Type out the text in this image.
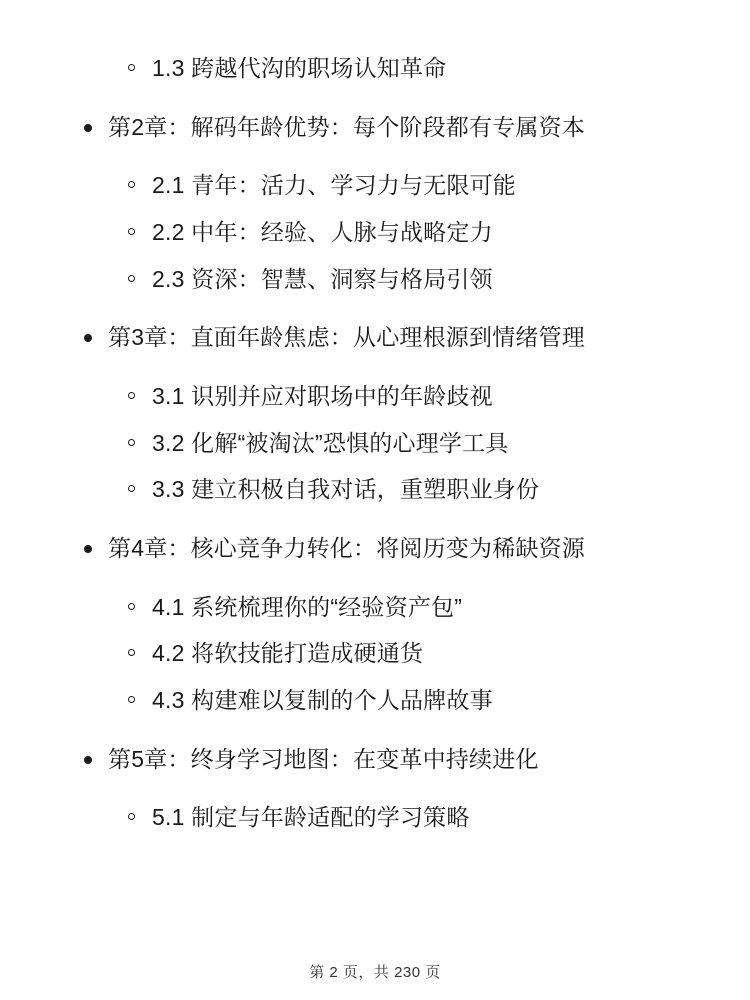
1.3 跨越代沟的职场认知革命
第2章：解码年龄优势：每个阶段都有专属资本
2.1 青年：活力、学习力与无限可能
2.2 中年：经验、人脉与战略定力
2.3 资深：智慧、洞察与格局引领
第3章：直面年龄焦虑：从心理根源到情绪管理
3.1 识别并应对职场中的年龄歧视
3.2 化解“被淘汰”恐惧的心理学工具
3.3 建立积极自我对话，重塑职业身份
第4章：核心竞争力转化：将阅历变为稀缺资源
4.1 系统梳理你的“经验资产包”
4.2 将软技能打造成硬通货
4.3 构建难以复制的个人品牌故事
第5章：终身学习地图：在变革中持续进化
5.1 制定与年龄适配的学习策略
第 2 页，共 230 页
